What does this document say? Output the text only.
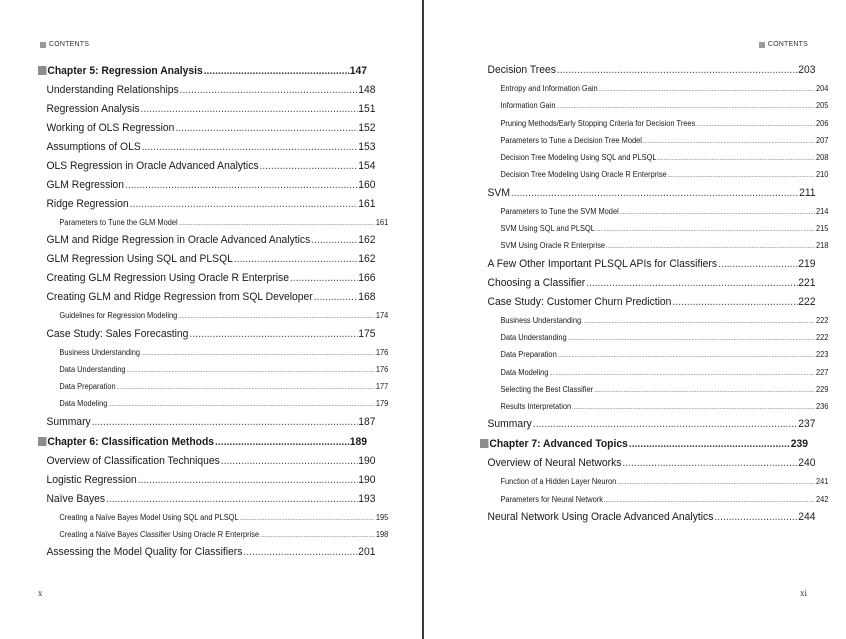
CONTENTS
Chapter 5: Regression Analysis .....	147
Understanding Relationships .....	148
Regression Analysis .....	151
Working of OLS Regression .....	152
Assumptions of OLS .....	153
OLS Regression in Oracle Advanced Analytics .....	154
GLM Regression .....	160
Ridge Regression .....	161
Parameters to Tune the GLM Model .....	161
GLM and Ridge Regression in Oracle Advanced Analytics .....	162
GLM Regression Using SQL and PLSQL .....	162
Creating GLM Regression Using Oracle R Enterprise .....	166
Creating GLM and Ridge Regression from SQL Developer .....	168
Guidelines for Regression Modeling .....	174
Case Study: Sales Forecasting .....	175
Business Understanding .....	176
Data Understanding .....	176
Data Preparation .....	177
Data Modeling .....	179
Summary .....	187
Chapter 6: Classification Methods .....	189
Overview of Classification Techniques .....	190
Logistic Regression .....	190
Naïve Bayes .....	193
Creating a Naïve Bayes Model Using SQL and PLSQL .....	195
Creating a Naïve Bayes Classifier Using Oracle R Enterprise .....	198
Assessing the Model Quality for Classifiers .....	201
x
CONTENTS
Decision Trees .....	203
Entropy and Information Gain .....	204
Information Gain .....	205
Pruning Methods/Early Stopping Criteria for Decision Trees .....	206
Parameters to Tune a Decision Tree Model .....	207
Decision Tree Modeling Using SQL and PLSQL .....	208
Decision Tree Modeling Using Oracle R Enterprise .....	210
SVM .....	211
Parameters to Tune the SVM Model .....	214
SVM Using SQL and PLSQL .....	215
SVM Using Oracle R Enterprise .....	218
A Few Other Important PLSQL APIs for Classifiers .....	219
Choosing a Classifier .....	221
Case Study: Customer Churn Prediction .....	222
Business Understanding .....	222
Data Understanding .....	222
Data Preparation .....	223
Data Modeling .....	227
Selecting the Best Classifier .....	229
Results Interpretation .....	236
Summary .....	237
Chapter 7: Advanced Topics .....	239
Overview of Neural Networks .....	240
Function of a Hidden Layer Neuron .....	241
Parameters for Neural Network .....	242
Neural Network Using Oracle Advanced Analytics .....	244
xi
